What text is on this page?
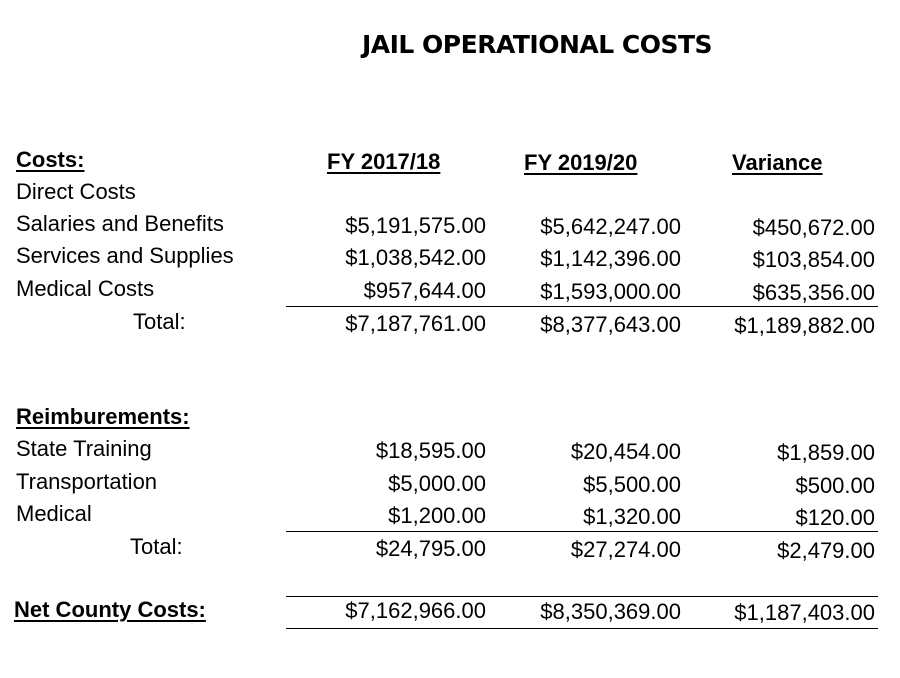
JAIL OPERATIONAL COSTS
Costs:	FY 2017/18	FY 2019/20	Variance
Direct Costs
Salaries and Benefits	$5,191,575.00	$5,642,247.00	$450,672.00
Services and Supplies	$1,038,542.00	$1,142,396.00	$103,854.00
Medical Costs	$957,644.00	$1,593,000.00	$635,356.00
Total:	$7,187,761.00	$8,377,643.00	$1,189,882.00
Reimburements:
State Training	$18,595.00	$20,454.00	$1,859.00
Transportation	$5,000.00	$5,500.00	$500.00
Medical	$1,200.00	$1,320.00	$120.00
Total:	$24,795.00	$27,274.00	$2,479.00
Net County Costs:	$7,162,966.00	$8,350,369.00	$1,187,403.00
